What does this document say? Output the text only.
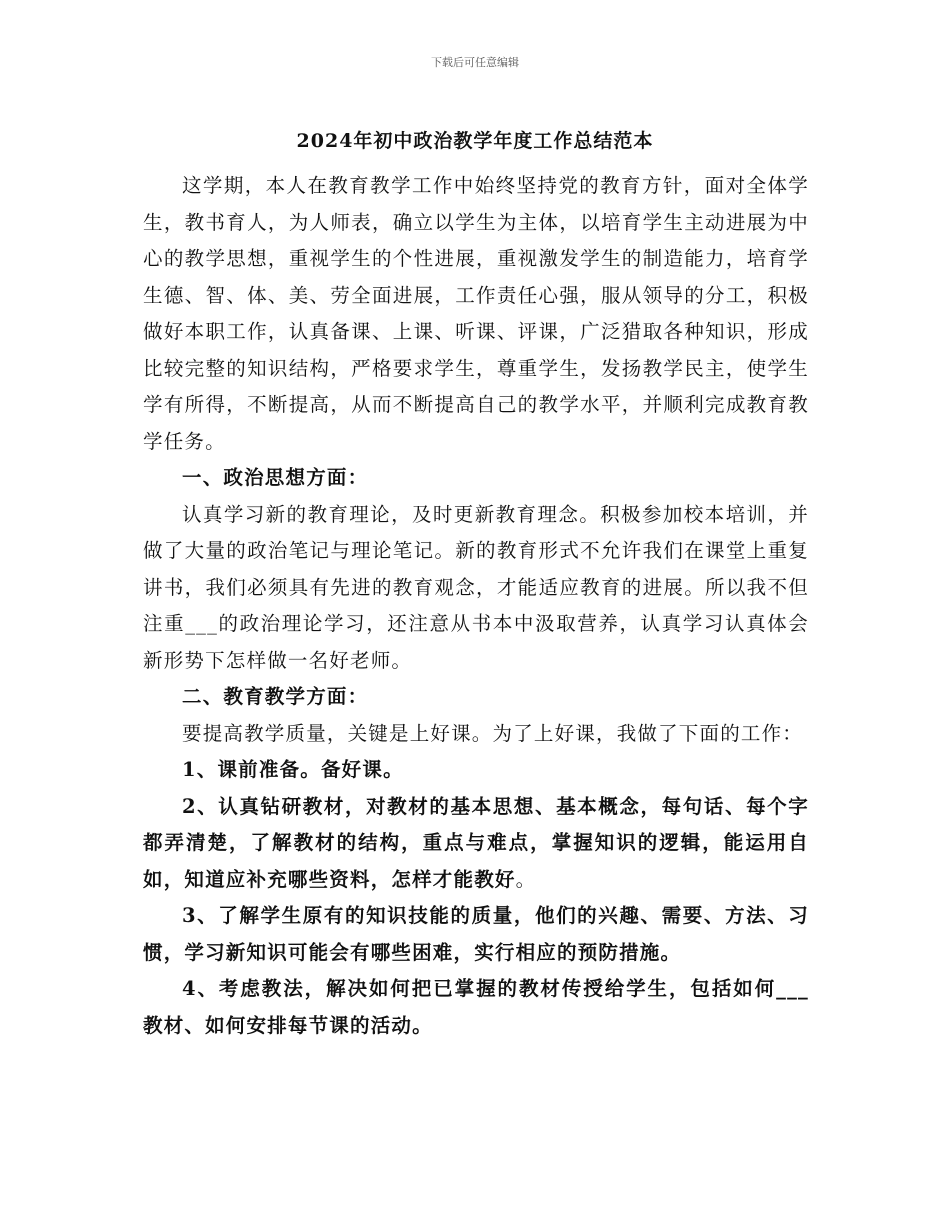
下载后可任意编辑
2024年初中政治教学年度工作总结范本

这学期，本人在教育教学工作中始终坚持党的教育方针，面对全体学生，教书育人，为人师表，确立以学生为主体，以培育学生主动进展为中心的教学思想，重视学生的个性进展，重视激发学生的制造能力，培育学生德、智、体、美、劳全面进展，工作责任心强，服从领导的分工，积极做好本职工作，认真备课、上课、听课、评课，广泛猎取各种知识，形成比较完整的知识结构，严格要求学生，尊重学生，发扬教学民主，使学生学有所得，不断提高，从而不断提高自己的教学水平，并顺利完成教育教学任务。

一、政治思想方面：

认真学习新的教育理论，及时更新教育理念。积极参加校本培训，并做了大量的政治笔记与理论笔记。新的教育形式不允许我们在课堂上重复讲书，我们必须具有先进的教育观念，才能适应教育的进展。所以我不但注重___的政治理论学习，还注意从书本中汲取营养，认真学习认真体会新形势下怎样做一名好老师。

二、教育教学方面：

要提高教学质量，关键是上好课。为了上好课，我做了下面的工作：

1、课前准备。备好课。

2、认真钻研教材，对教材的基本思想、基本概念，每句话、每个字都弄清楚，了解教材的结构，重点与难点，掌握知识的逻辑，能运用自如，知道应补充哪些资料，怎样才能教好。

3、了解学生原有的知识技能的质量，他们的兴趣、需要、方法、习惯，学习新知识可能会有哪些困难，实行相应的预防措施。

4、考虑教法，解决如何把已掌握的教材传授给学生，包括如何___教材、如何安排每节课的活动。
